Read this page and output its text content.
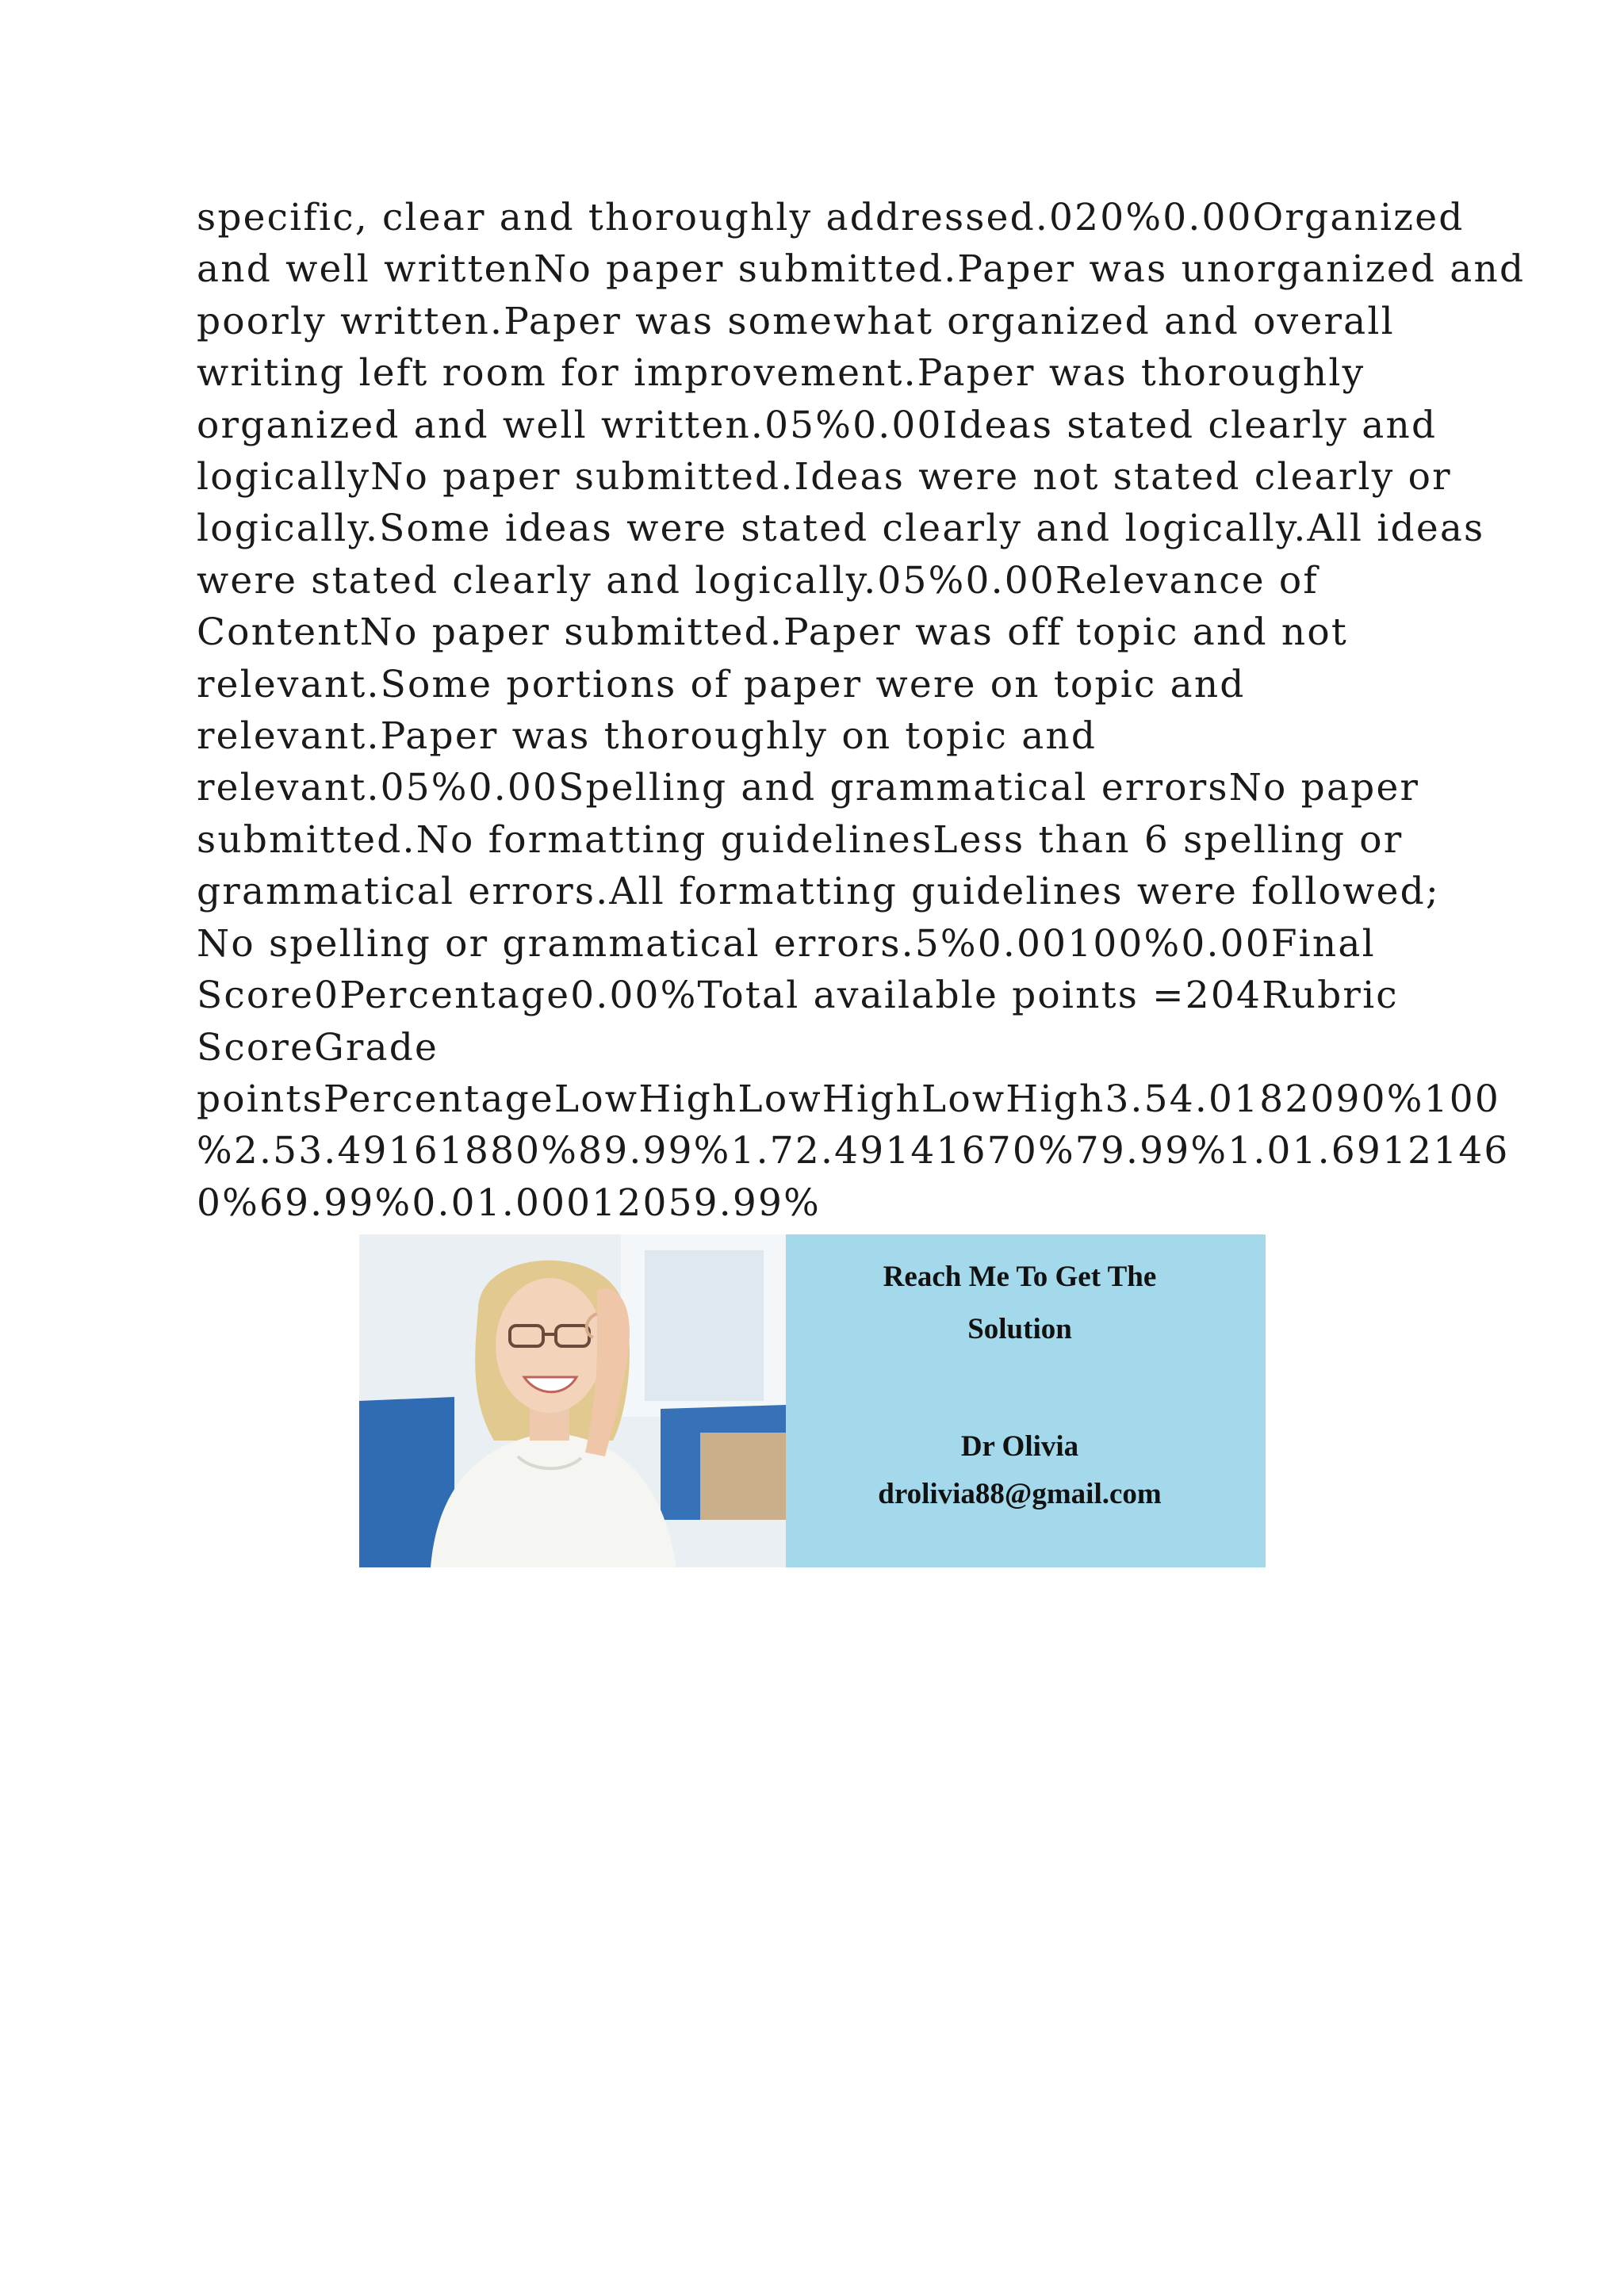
specific, clear and thoroughly addressed.020%0.00Organized
and well writtenNo paper submitted.Paper was unorganized and
poorly written.Paper was somewhat organized and overall
writing left room for improvement.Paper was thoroughly
organized and well written.05%0.00Ideas stated clearly and
logicallyNo paper submitted.Ideas were not stated clearly or
logically.Some ideas were stated clearly and logically.All ideas
were stated clearly and logically.05%0.00Relevance of
ContentNo paper submitted.Paper was off topic and not
relevant.Some portions of paper were on topic and
relevant.Paper was thoroughly on topic and
relevant.05%0.00Spelling and grammatical errorsNo paper
submitted.No formatting guidelinesLess than 6 spelling or
grammatical errors.All formatting guidelines were followed;
No spelling or grammatical errors.5%0.00100%0.00Final
Score0Percentage0.00%Total available points =204Rubric
ScoreGrade
pointsPercentageLowHighLowHighLowHigh3.54.0182090%100
%2.53.49161880%89.99%1.72.49141670%79.99%1.01.6912146
0%69.99%0.01.00012059.99%

Reach Me To Get The
Solution
Dr Olivia
drolivia88@gmail.com
